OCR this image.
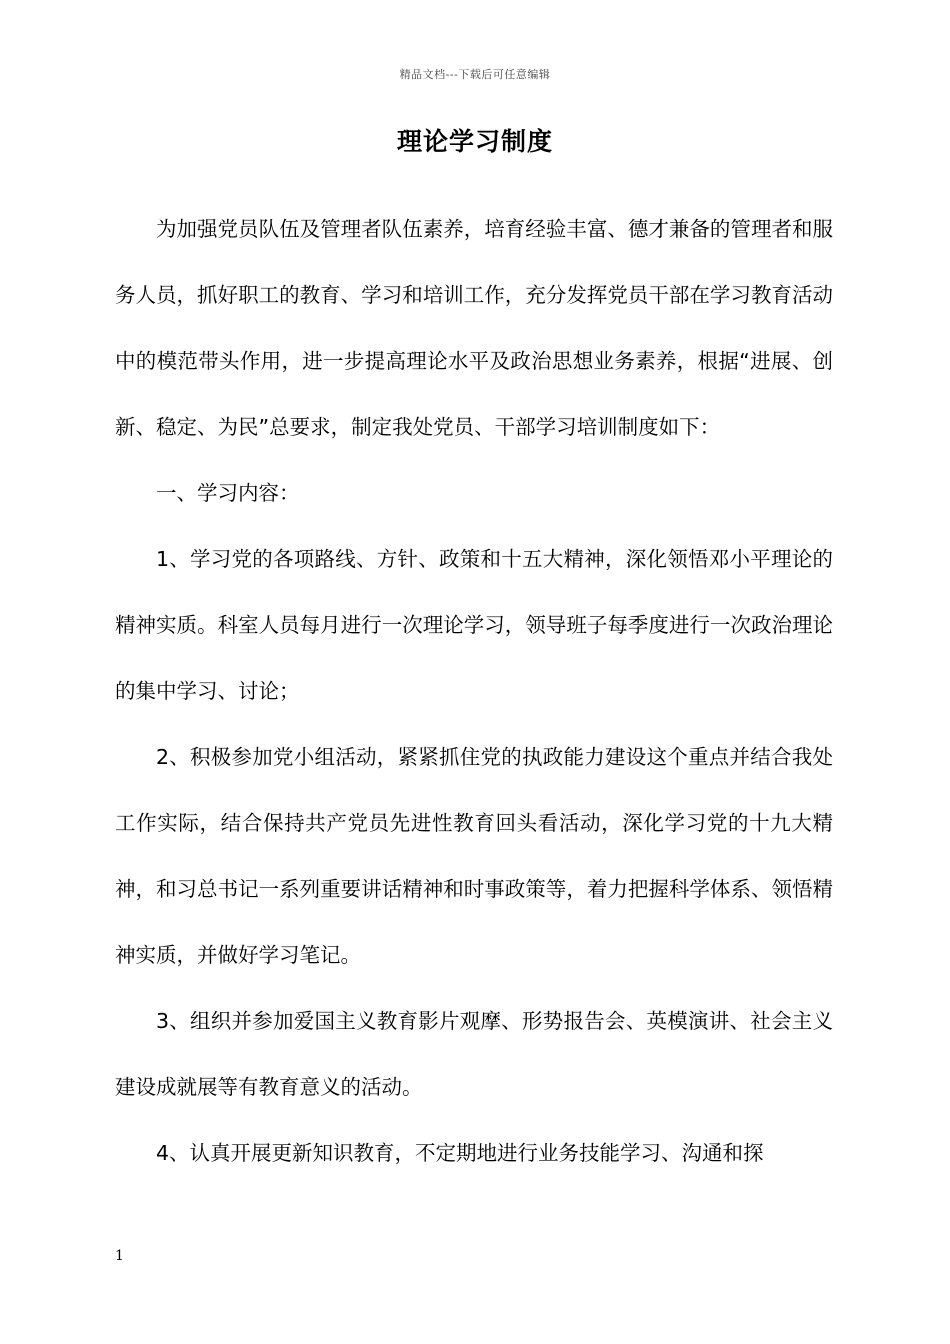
精品文档---下载后可任意编辑
理论学习制度

为加强党员队伍及管理者队伍素养，培育经验丰富、德才兼备的管理者和服务人员，抓好职工的教育、学习和培训工作，充分发挥党员干部在学习教育活动中的模范带头作用，进一步提高理论水平及政治思想业务素养，根据“进展、创新、稳定、为民”总要求，制定我处党员、干部学习培训制度如下：

一、学习内容：

1、学习党的各项路线、方针、政策和十五大精神，深化领悟邓小平理论的精神实质。科室人员每月进行一次理论学习，领导班子每季度进行一次政治理论的集中学习、讨论；

2、积极参加党小组活动，紧紧抓住党的执政能力建设这个重点并结合我处工作实际，结合保持共产党员先进性教育回头看活动，深化学习党的十九大精神，和习总书记一系列重要讲话精神和时事政策等，着力把握科学体系、领悟精神实质，并做好学习笔记。

3、组织并参加爱国主义教育影片观摩、形势报告会、英模演讲、社会主义建设成就展等有教育意义的活动。

4、认真开展更新知识教育，不定期地进行业务技能学习、沟通和探

1
